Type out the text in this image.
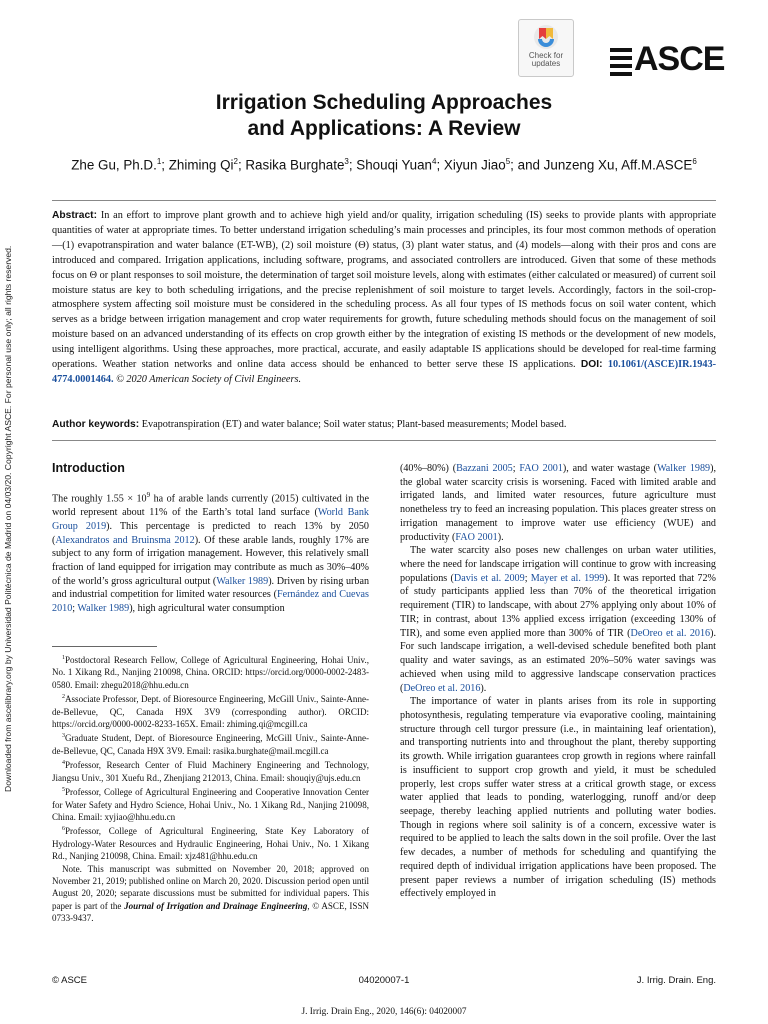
Downloaded from ascelibrary.org by Universidad Politécnica de Madrid on 04/03/20. Copyright ASCE. For personal use only; all rights reserved.
Check for
updates	ASCE
Irrigation Scheduling Approaches
and Applications: A Review
Zhe Gu, Ph.D.$^1$; Zhiming Qi$^2$; Rasika Burghate$^3$; Shouqi Yuan$^4$; Xiyun Jiao$^5$; and Junzeng Xu, Aff.M.ASCE$^6$
Abstract: In an effort to improve plant growth and to achieve high yield and/or quality, irrigation scheduling (IS) seeks to provide plants with appropriate quantities of water at appropriate times. To better understand irrigation scheduling’s main processes and principles, its four most common methods of operation—(1) evapotranspiration and water balance (ET-WB), (2) soil moisture (Θ) status, (3) plant water status, and (4) models—along with their pros and cons are introduced and compared. Irrigation applications, including software, programs, and associated controllers are introduced. Given that some of these methods focus on Θ or plant responses to soil moisture, the determination of target soil moisture levels, along with estimates (either calculated or measured) of current soil moisture status are key to both scheduling irrigations, and the precise replenishment of soil moisture to target levels. Accordingly, factors in the soil-crop-atmosphere system affecting soil moisture must be considered in the scheduling process. As all four types of IS methods focus on soil water content, which serves as a bridge between irrigation management and crop water requirements for growth, future scheduling methods should focus on the management of soil moisture based on an advanced understanding of its effects on crop growth either by the integration of existing IS methods or the development of new models, using intelligent algorithms. Using these approaches, more practical, accurate, and easily adaptable IS applications should be developed for real-time farming operations. Weather station networks and online data access should be enhanced to better serve these IS applications. DOI: 10.1061/(ASCE)IR.1943-4774.0001464. © 2020 American Society of Civil Engineers.
Author keywords: Evapotranspiration (ET) and water balance; Soil water status; Plant-based measurements; Model based.
Introduction

The roughly $1.55 \times 10^9$ ha of arable lands currently (2015) cultivated in the world represent about 11% of the Earth’s total land surface (World Bank Group 2019). This percentage is predicted to reach 13% by 2050 (Alexandratos and Bruinsma 2012). Of these arable lands, roughly 17% are subject to any form of irrigation management. However, this relatively small fraction of land equipped for irrigation may contribute as much as 30%–40% of the world’s gross agricultural output (Walker 1989). Driven by rising urban and industrial competition for limited water resources (Fernández and Cuevas 2010; Walker 1989), high agricultural water consumption

$^1$Postdoctoral Research Fellow, College of Agricultural Engineering, Hohai Univ., No. 1 Xikang Rd., Nanjing 210098, China. ORCID: https://orcid.org/0000-0002-2483-0580. Email: zhegu2018@hhu.edu.cn

$^2$Associate Professor, Dept. of Bioresource Engineering, McGill Univ., Sainte-Anne-de-Bellevue, QC, Canada H9X 3V9 (corresponding author). ORCID: https://orcid.org/0000-0002-8233-165X. Email: zhiming.qi@mcgill.ca

$^3$Graduate Student, Dept. of Bioresource Engineering, McGill Univ., Sainte-Anne-de-Bellevue, QC, Canada H9X 3V9. Email: rasika.burghate@mail.mcgill.ca

$^4$Professor, Research Center of Fluid Machinery Engineering and Technology, Jiangsu Univ., 301 Xuefu Rd., Zhenjiang 212013, China. Email: shouqiy@ujs.edu.cn

$^5$Professor, College of Agricultural Engineering and Cooperative Innovation Center for Water Safety and Hydro Science, Hohai Univ., No. 1 Xikang Rd., Nanjing 210098, China. Email: xyjiao@hhu.edu.cn

$^6$Professor, College of Agricultural Engineering, State Key Laboratory of Hydrology-Water Resources and Hydraulic Engineering, Hohai Univ., No. 1 Xikang Rd., Nanjing 210098, China. Email: xjz481@hhu.edu.cn

Note. This manuscript was submitted on November 20, 2018; approved on November 21, 2019; published online on March 20, 2020. Discussion period open until August 20, 2020; separate discussions must be submitted for individual papers. This paper is part of the Journal of Irrigation and Drainage Engineering, © ASCE, ISSN 0733-9437.

(40%–80%) (Bazzani 2005; FAO 2001), and water wastage (Walker 1989), the global water scarcity crisis is worsening. Faced with limited arable and irrigated lands, and limited water resources, future agriculture must nonetheless try to feed an increasing population. This places greater stress on irrigation management to improve water use efficiency (WUE) and productivity (FAO 2001).

The water scarcity also poses new challenges on urban water utilities, where the need for landscape irrigation will continue to grow with increasing populations (Davis et al. 2009; Mayer et al. 1999). It was reported that 72% of study participants applied less than 70% of the theoretical irrigation requirement (TIR) to landscape, with about 27% applying only about 10% of TIR; in contrast, about 13% applied excess irrigation (exceeding 130% of TIR), and some even applied more than 300% of TIR (DeOreo et al. 2016). For such landscape irrigation, a well-devised schedule benefited both plant quality and water savings, as an estimated 20%–50% water savings was achieved when using mild to aggressive landscape conservation practices (DeOreo et al. 2016).

The importance of water in plants arises from its role in supporting photosynthesis, regulating temperature via evaporative cooling, maintaining structure through cell turgor pressure (i.e., in maintaining leaf orientation), and transporting nutrients into and throughout the plant, thereby supporting its growth. While irrigation guarantees crop growth in regions where rainfall is insufficient to support crop growth and yield, it must be scheduled properly, lest crops suffer water stress at a critical growth stage, or excess water applied that leads to ponding, waterlogging, runoff and/or deep seepage, thereby leaching applied nutrients and polluting water bodies. Though in regions where soil salinity is of a concern, excessive water is required to be applied to leach the salts down in the soil profile. Over the last few decades, a number of methods for scheduling and quantifying the required depth of individual irrigation applications have been proposed. The present paper reviews a number of irrigation scheduling (IS) methods effectively employed in

© ASCE	04020007-1	J. Irrig. Drain. Eng.
J. Irrig. Drain Eng., 2020, 146(6): 04020007
